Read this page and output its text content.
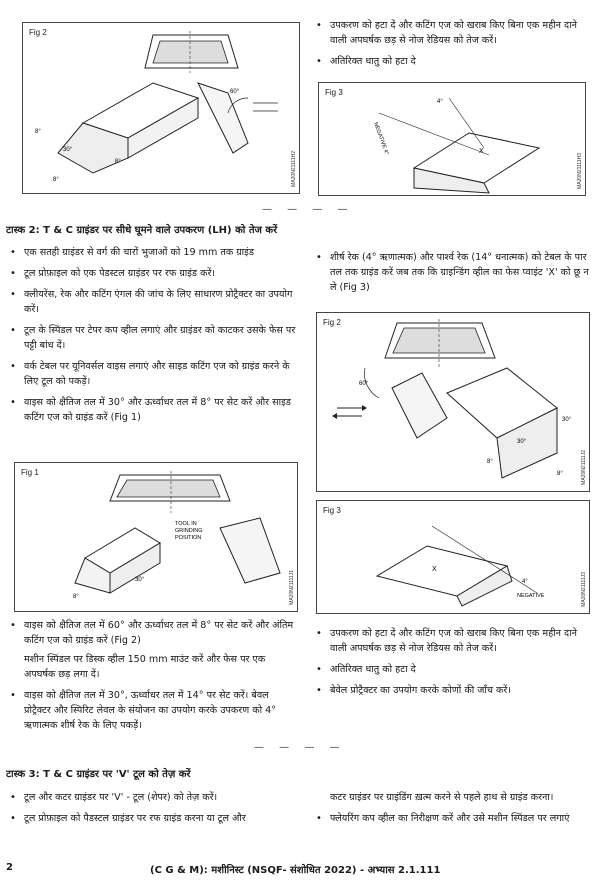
Fig 2
60°
30°
8°
8°
8°	MA20N21111H2
• उपकरण को हटा दें और कटिंग एज को खराब किए बिना एक महीन दाने वाली अपघर्षक छड़ से नोज रेडियस को तेज करें।
• अतिरिक्त धातु को हटा दे
Fig 3
X
4°
NEGATIVE 4°
MA20N21111H3
— — — —
टास्क 2: T & C ग्राइंडर पर सीधे घूमने वाले उपकरण (LH) को तेज करें
• एक सतही ग्राइंडर से वर्ग की चारों भुजाओं को 19 mm तक ग्राइंड
• टूल प्रोफ़ाइल को एक पेडस्टल ग्राइंडर पर रफ ग्राइंड करें।
• क्लीयरेंस, रेक और कटिंग एंगल की जांच के लिए साधारण प्रोट्रैक्टर का उपयोग करें।
• टूल के स्पिंडल पर टेपर कप व्हील लगाएं और ग्राइंडर को काटकर उसके फेस पर पट्टी बांध दें।
• वर्क टेबल पर यूनिवर्सल वाइस लगाएं और साइड कटिंग एज को ग्राइंड करने के लिए टूल को पकड़ें।
• वाइस को क्षैतिज तल में 30° और ऊर्ध्वाधर तल में 8° पर सेट करें और साइड कटिंग एज को ग्राइंड करें (Fig 1)
Fig 1
TOOL IN
GRINDING
POSITION
30°
8°	MA20N21111J1
• वाइस को क्षैतिज तल में 60° और ऊर्ध्वाधर तल में 8° पर सेट करें और अंतिम कटिंग एज को ग्राइंड करें (Fig 2)
मशीन स्पिंडल पर डिस्क व्हील 150 mm माउंट करें और फेस पर एक अपघर्षक छड़ लगा दें।
• वाइस को क्षैतिज तल में 30°, ऊर्ध्वाधर तल में 14° पर सेट करें। बेवल प्रोट्रैक्टर और स्पिरिट लेवल के संयोजन का उपयोग करके उपकरण को 4° ऋणात्मक शीर्ष रेक के लिए पकड़ें।
• शीर्ष रेक (4° ऋणात्मक) और पार्श्व रेक (14° धनात्मक) को टेबल के पार तल तक ग्राइंड करें जब तक कि ग्राइन्डिंग व्हील का फेस प्वाइंट 'X' को छू न ले (Fig 3)
Fig 2
60°
30°
30°
8°
8°	MA20N21111J2
Fig 3
X
4°
NEGATIVE	MA20N21111J3
• उपकरण को हटा दें और कटिंग एज को खराब किए बिना एक महीन दाने वाली अपघर्षक छड़ से नोज रेडियस को तेज करें।
• अतिरिक्त धातु को हटा दे
• बेवेल प्रोट्रैक्टर का उपयोग करके कोणों की जाँच करें।
— — — —
टास्क 3: T & C ग्राइंडर पर 'V' टूल को तेज़ करें
• टूल और कटर ग्राइंडर पर 'V' - टूल (शेपर) को तेज़ करें।
• टूल प्रोफ़ाइल को पैडस्टल ग्राइंडर पर रफ ग्राइंड करना या टूल और
कटर ग्राइंडर पर ग्राइंडिंग ख़त्म करने से पहले हाथ से ग्राइंड करना।
• फ्लेयरिंग कप व्हील का निरीक्षण करें और उसे मशीन स्पिंडल पर लगाएं
2	(C G & M): मशीनिस्ट (NSQF- संशोधित 2022) - अभ्यास 2.1.111
